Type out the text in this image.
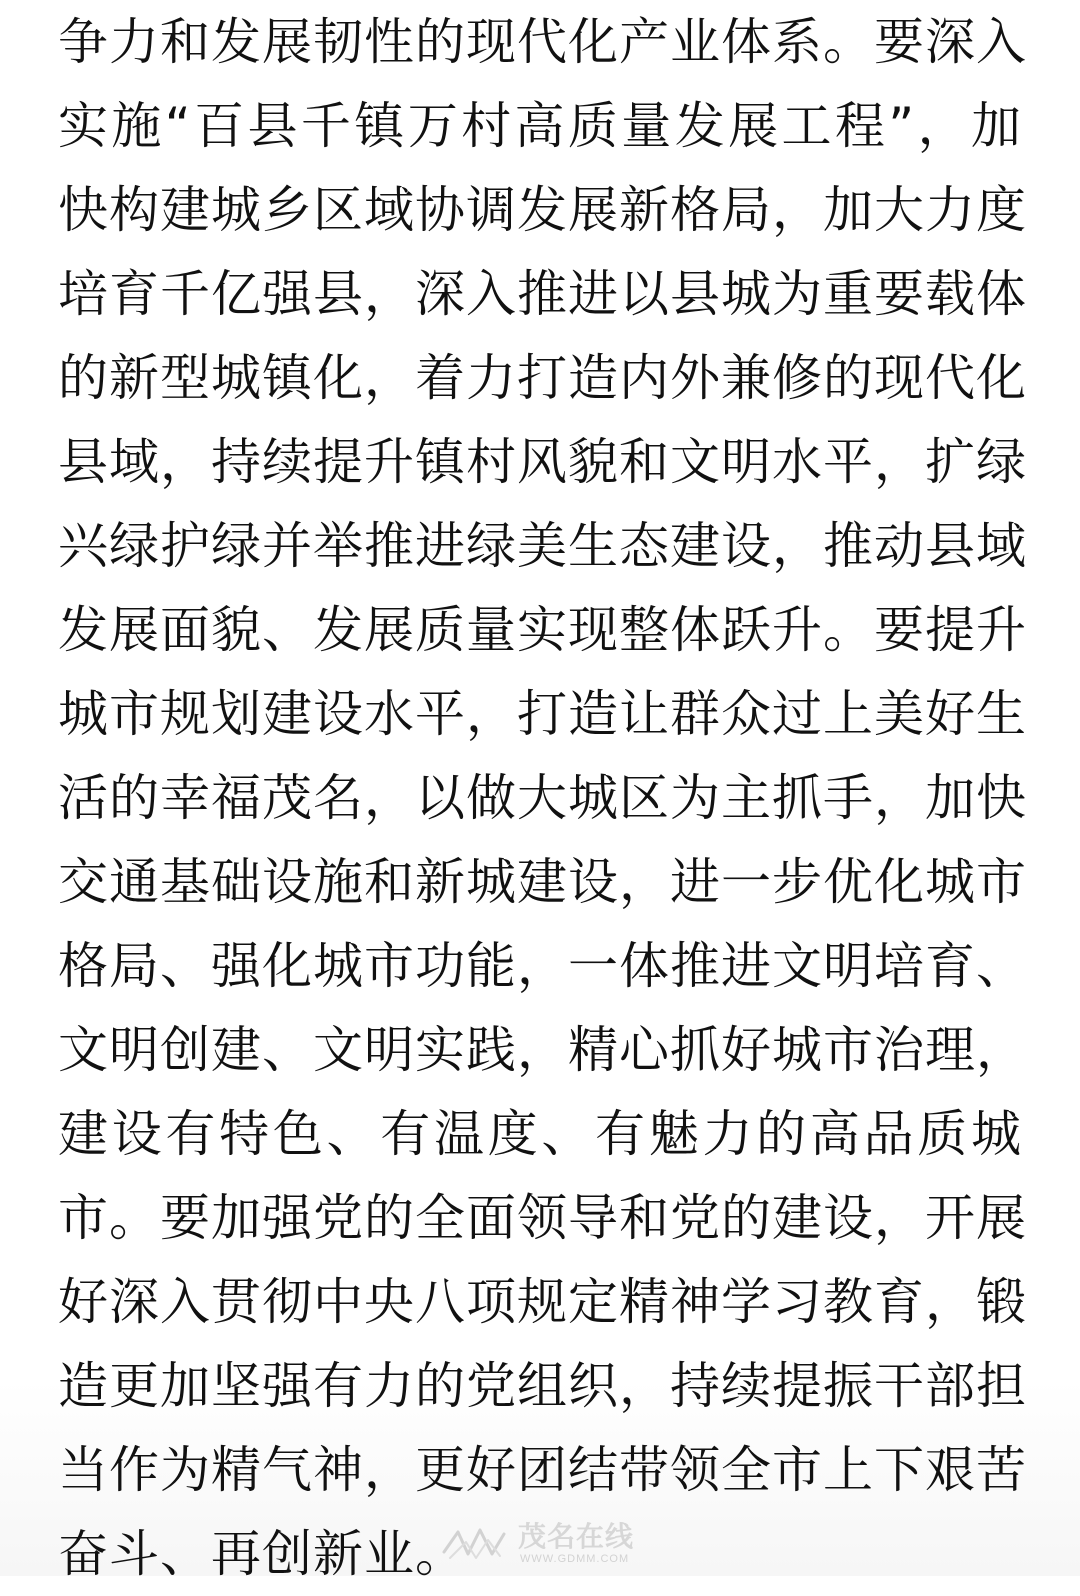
争力和发展韧性的现代化产业体系。要深入
实施“百县千镇万村高质量发展工程”，加
快构建城乡区域协调发展新格局，加大力度
培育千亿强县，深入推进以县城为重要载体
的新型城镇化，着力打造内外兼修的现代化
县域，持续提升镇村风貌和文明水平，扩绿
兴绿护绿并举推进绿美生态建设，推动县域
发展面貌、发展质量实现整体跃升。要提升
城市规划建设水平，打造让群众过上美好生
活的幸福茂名，以做大城区为主抓手，加快
交通基础设施和新城建设，进一步优化城市
格局、强化城市功能，一体推进文明培育、
文明创建、文明实践，精心抓好城市治理，
建设有特色、有温度、有魅力的高品质城
市。要加强党的全面领导和党的建设，开展
好深入贯彻中央八项规定精神学习教育，锻
造更加坚强有力的党组织，持续提振干部担
当作为精气神，更好团结带领全市上下艰苦
奋斗、再创新业。	茂名在线
WWW.GDMM.COM
